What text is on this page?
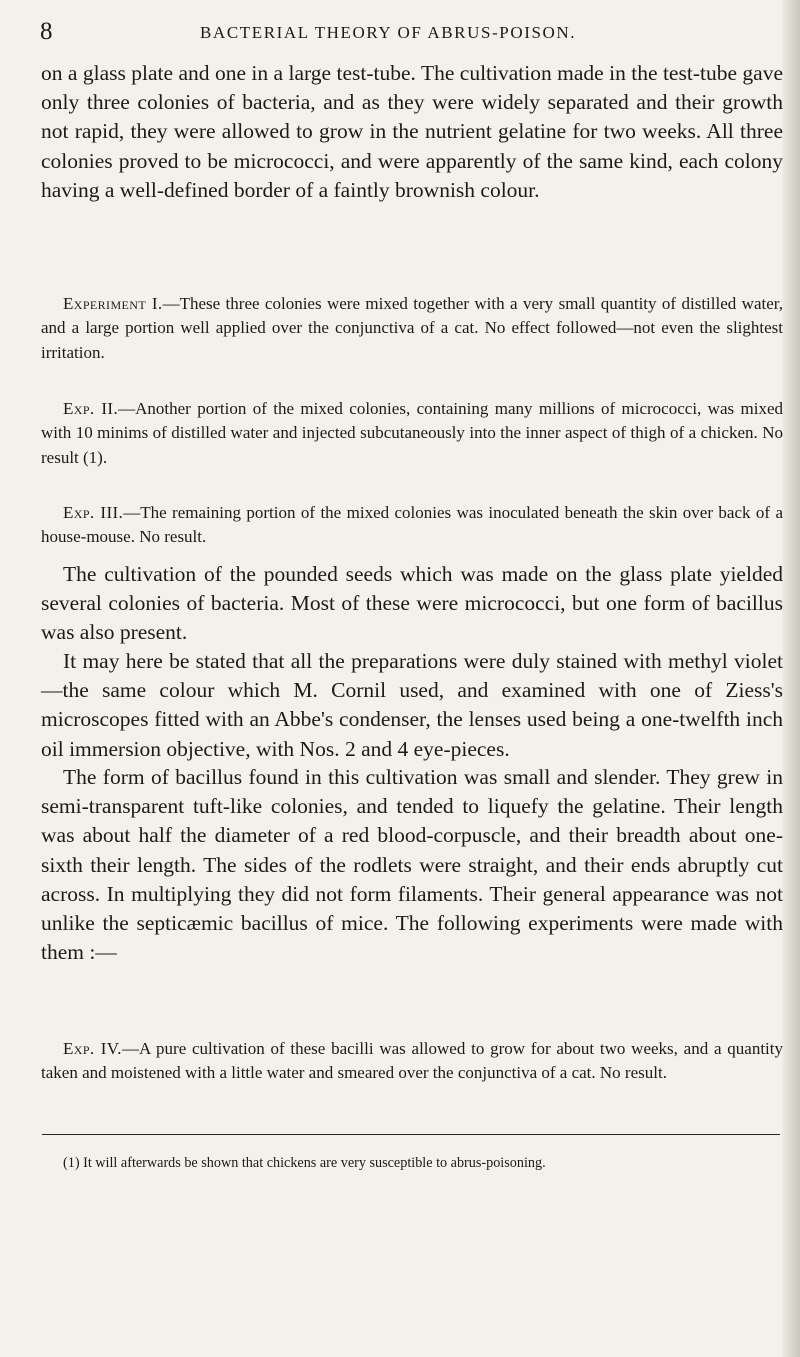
8	BACTERIAL THEORY OF ABRUS-POISON.

on a glass plate and one in a large test-tube. The cultivation made in the test-tube gave only three colonies of bacteria, and as they were widely separated and their growth not rapid, they were allowed to grow in the nutrient gelatine for two weeks. All three colonies proved to be micrococci, and were apparently of the same kind, each colony having a well-defined border of a faintly brownish colour.

Experiment I.—These three colonies were mixed together with a very small quantity of distilled water, and a large portion well applied over the conjunctiva of a cat. No effect followed—not even the slightest irritation.

Exp. II.—Another portion of the mixed colonies, containing many millions of micrococci, was mixed with 10 minims of distilled water and injected subcutaneously into the inner aspect of thigh of a chicken. No result (1).

Exp. III.—The remaining portion of the mixed colonies was inoculated beneath the skin over back of a house-mouse. No result.

The cultivation of the pounded seeds which was made on the glass plate yielded several colonies of bacteria. Most of these were micrococci, but one form of bacillus was also present.

It may here be stated that all the preparations were duly stained with methyl violet—the same colour which M. Cornil used, and examined with one of Ziess's microscopes fitted with an Abbe's condenser, the lenses used being a one-twelfth inch oil immersion objective, with Nos. 2 and 4 eye-pieces.

The form of bacillus found in this cultivation was small and slender. They grew in semi-transparent tuft-like colonies, and tended to liquefy the gelatine. Their length was about half the diameter of a red blood-corpuscle, and their breadth about one-sixth their length. The sides of the rodlets were straight, and their ends abruptly cut across. In multiplying they did not form filaments. Their general appearance was not unlike the septicæmic bacillus of mice. The following experiments were made with them :—

Exp. IV.—A pure cultivation of these bacilli was allowed to grow for about two weeks, and a quantity taken and moistened with a little water and smeared over the conjunctiva of a cat. No result.

(1) It will afterwards be shown that chickens are very susceptible to abrus-poisoning.
